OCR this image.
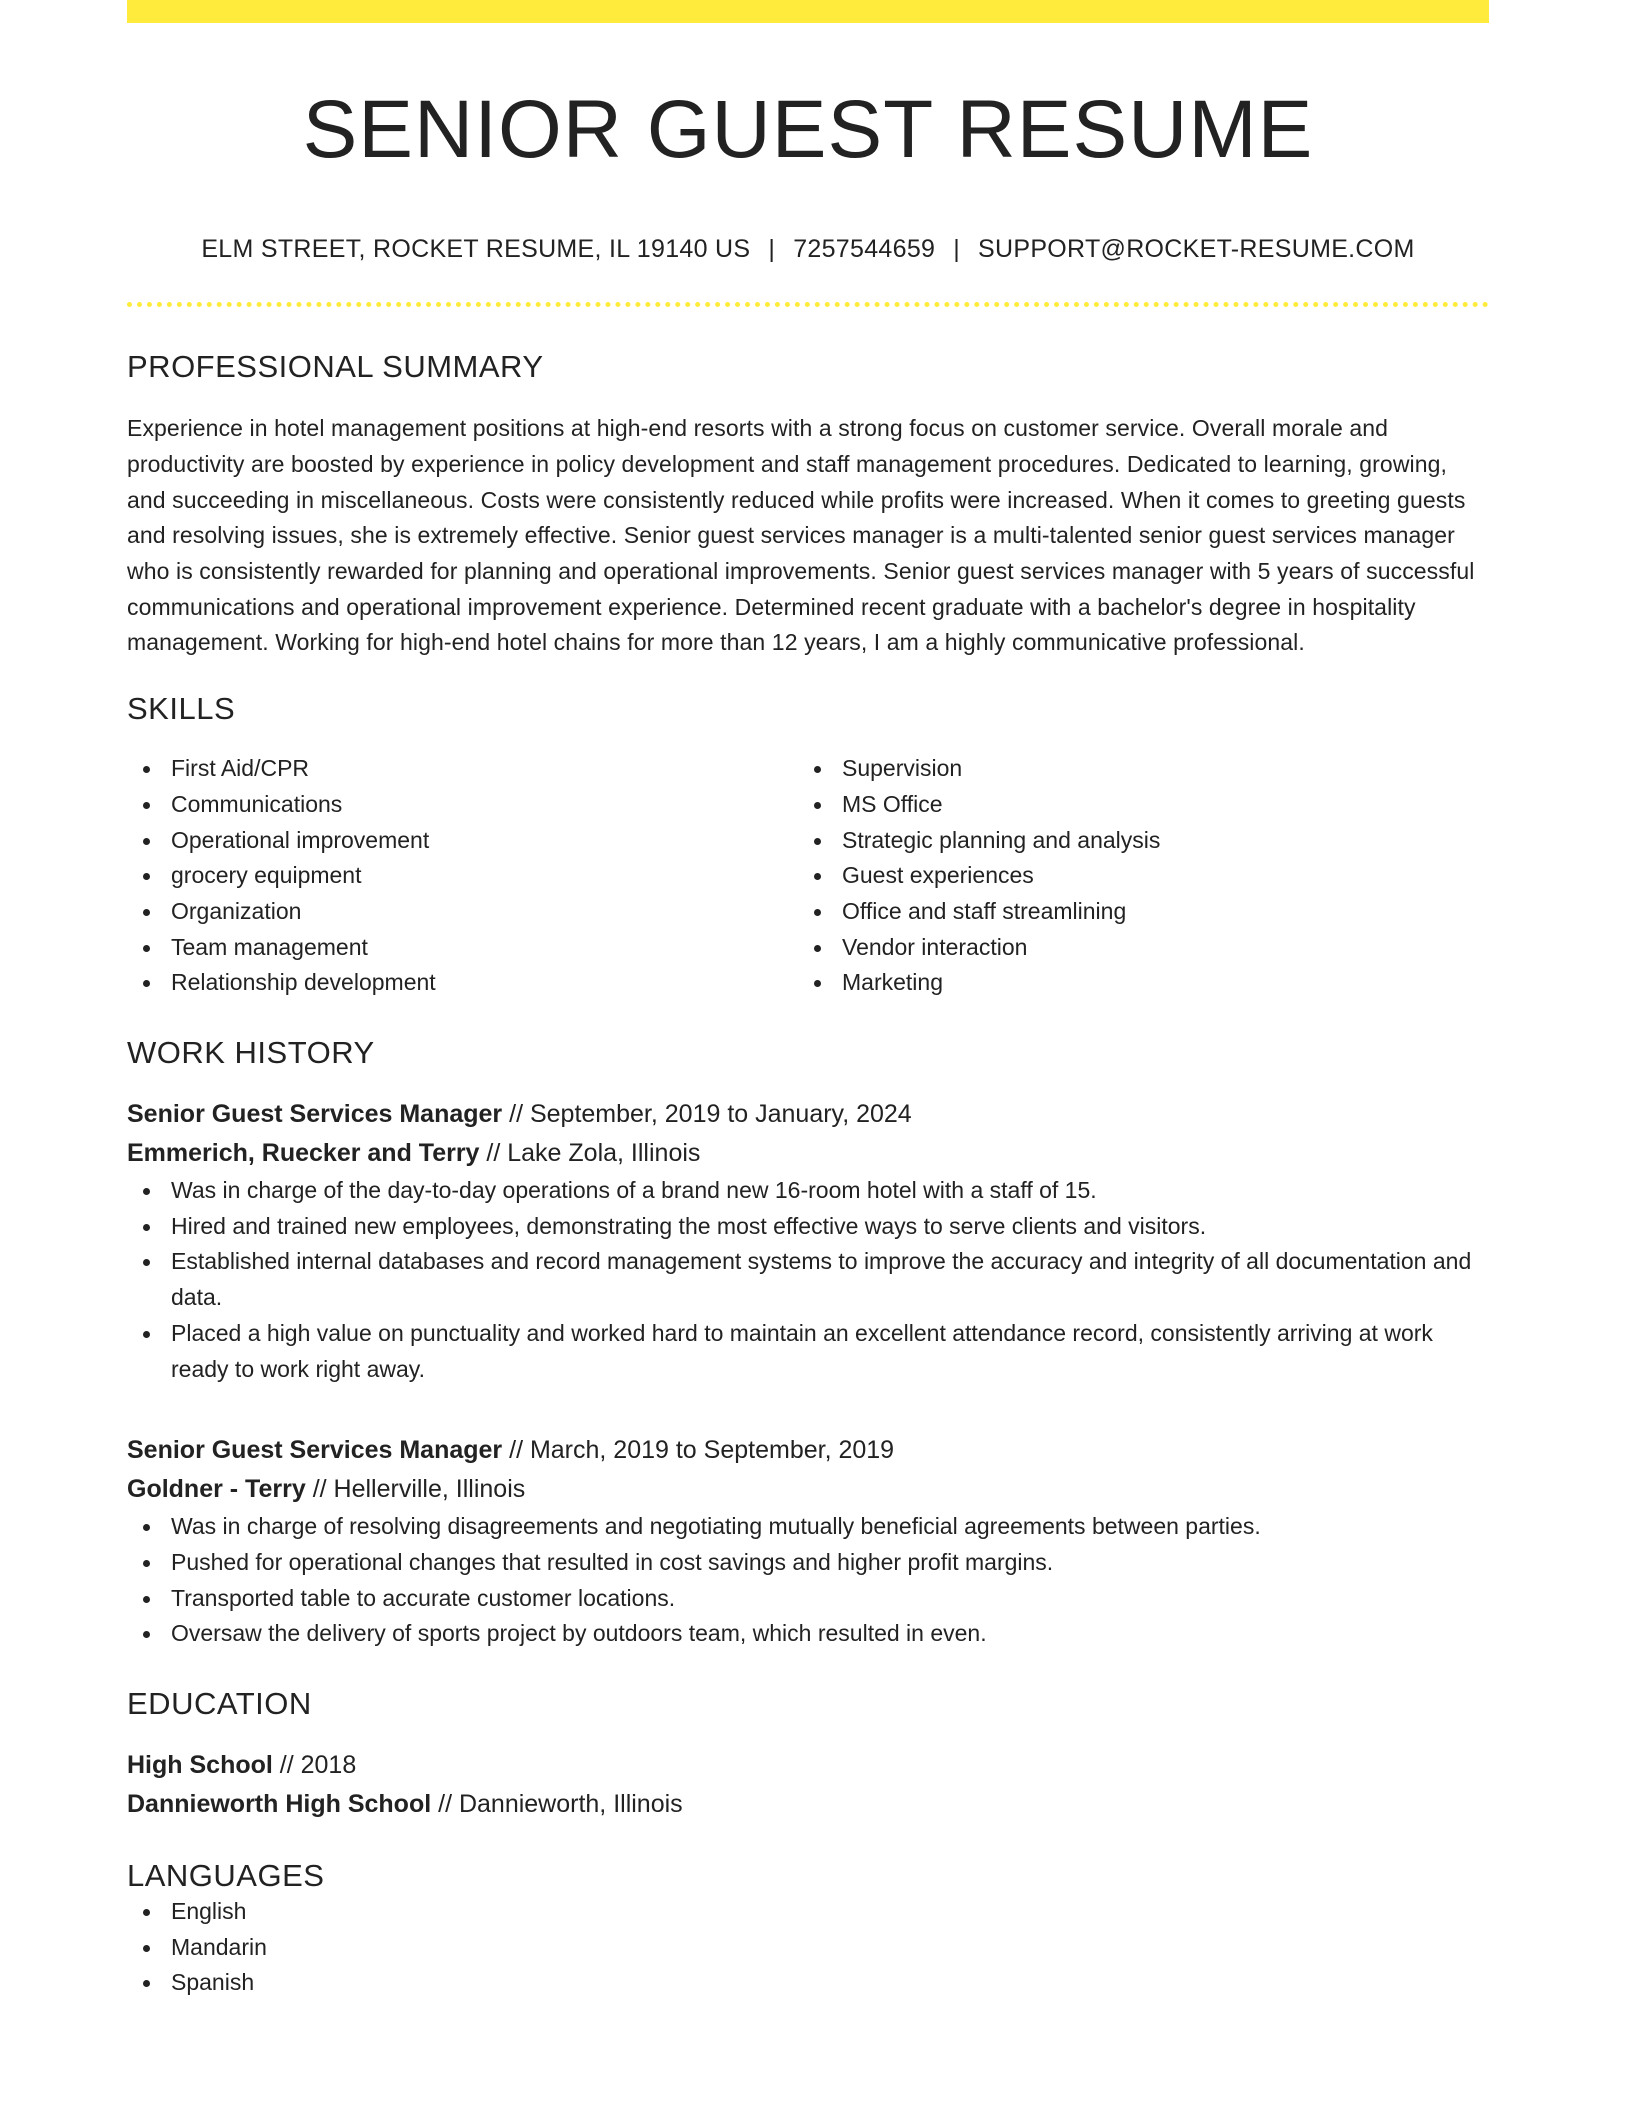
SENIOR GUEST RESUME
ELM STREET, ROCKET RESUME, IL 19140 US | 7257544659 | SUPPORT@ROCKET-RESUME.COM
PROFESSIONAL SUMMARY

Experience in hotel management positions at high-end resorts with a strong focus on customer service. Overall morale and productivity are boosted by experience in policy development and staff management procedures. Dedicated to learning, growing, and succeeding in miscellaneous. Costs were consistently reduced while profits were increased. When it comes to greeting guests and resolving issues, she is extremely effective. Senior guest services manager is a multi-talented senior guest services manager who is consistently rewarded for planning and operational improvements. Senior guest services manager with 5 years of successful communications and operational improvement experience. Determined recent graduate with a bachelor's degree in hospitality management. Working for high-end hotel chains for more than 12 years, I am a highly communicative professional.

SKILLS
First Aid/CPR
Communications
Operational improvement
grocery equipment
Organization
Team management
Relationship development
Supervision
MS Office
Strategic planning and analysis
Guest experiences
Office and staff streamlining
Vendor interaction
Marketing
WORK HISTORY
Senior Guest Services Manager // September, 2019 to January, 2024
Emmerich, Ruecker and Terry // Lake Zola, Illinois
Was in charge of the day-to-day operations of a brand new 16-room hotel with a staff of 15.
Hired and trained new employees, demonstrating the most effective ways to serve clients and visitors.
Established internal databases and record management systems to improve the accuracy and integrity of all documentation and data.
Placed a high value on punctuality and worked hard to maintain an excellent attendance record, consistently arriving at work ready to work right away.
Senior Guest Services Manager // March, 2019 to September, 2019
Goldner - Terry // Hellerville, Illinois
Was in charge of resolving disagreements and negotiating mutually beneficial agreements between parties.
Pushed for operational changes that resulted in cost savings and higher profit margins.
Transported table to accurate customer locations.
Oversaw the delivery of sports project by outdoors team, which resulted in even.
EDUCATION
High School // 2018
Dannieworth High School // Dannieworth, Illinois
LANGUAGES
English
Mandarin
Spanish
